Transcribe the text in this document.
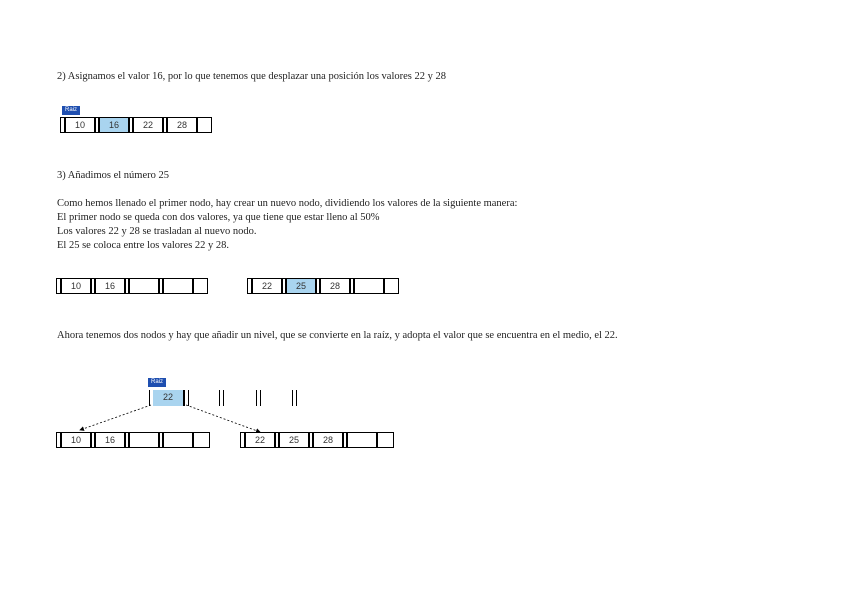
2) Asignamos el valor 16, por lo que tenemos que desplazar una posición los valores 22 y 28
Raiz
10	16	22	28
3) Añadimos el número 25
Como hemos llenado el primer nodo, hay crear un nuevo nodo, dividiendo los valores de la siguiente manera:
El primer nodo se queda con dos valores, ya que tiene que estar lleno al 50%
Los valores 22 y 28 se trasladan al nuevo nodo.
El 25 se coloca entre los valores 22 y 28.
10	16	22	25	28
Ahora tenemos dos nodos y hay que añadir un nivel, que se convierte en la raíz, y adopta el valor que se encuentra en el medio, el 22.
Raiz
22
10	16	22	25	28
